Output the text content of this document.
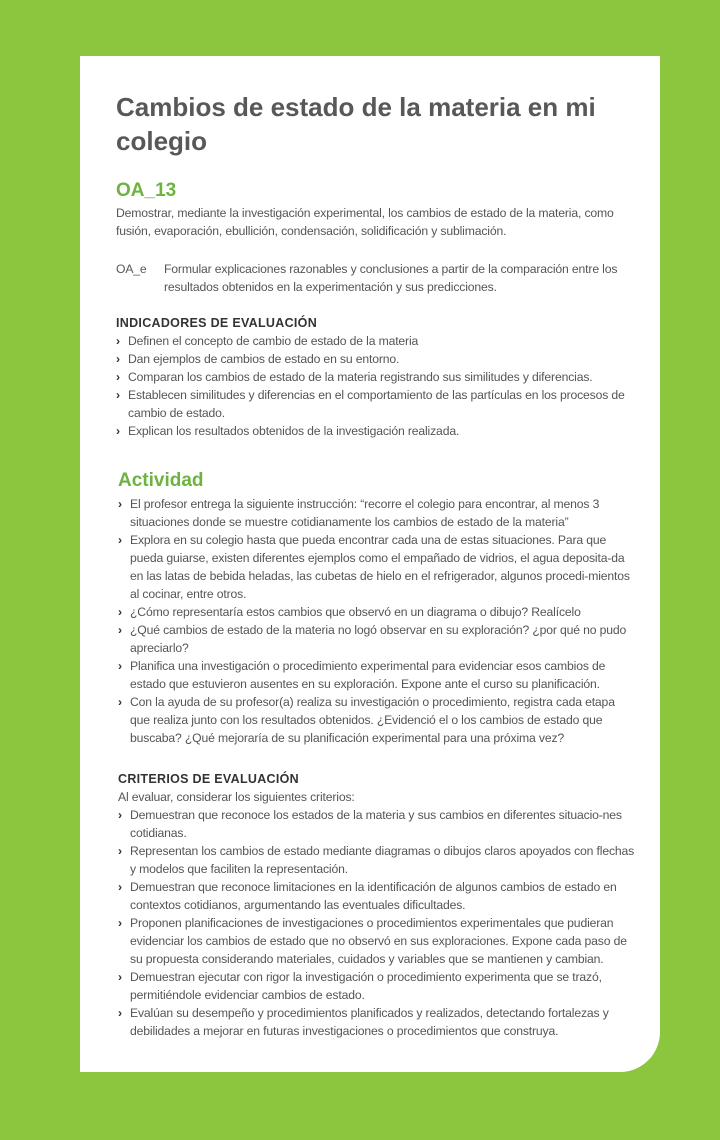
Cambios de estado de la materia en mi colegio
OA_13
Demostrar, mediante la investigación experimental, los cambios de estado de la materia, como fusión, evaporación, ebullición, condensación, solidificación y sublimación.
OA_e	Formular explicaciones razonables y conclusiones a partir de la comparación entre los resultados obtenidos en la experimentación y sus predicciones.
INDICADORES DE EVALUACIÓN
› Definen el concepto de cambio de estado de la materia
› Dan ejemplos de cambios de estado en su entorno.
› Comparan los cambios de estado de la materia registrando sus similitudes y diferencias.
› Establecen similitudes y diferencias en el comportamiento de las partículas en los procesos de cambio de estado.
› Explican los resultados obtenidos de la investigación realizada.
Actividad
› El profesor entrega la siguiente instrucción: “recorre el colegio para encontrar, al menos 3 situaciones donde se muestre cotidianamente los cambios de estado de la materia”
› Explora en su colegio hasta que pueda encontrar cada una de estas situaciones. Para que pueda guiarse, existen diferentes ejemplos como el empañado de vidrios, el agua deposita-da en las latas de bebida heladas, las cubetas de hielo en el refrigerador, algunos procedi-mientos al cocinar, entre otros.
› ¿Cómo representaría estos cambios que observó en un diagrama o dibujo? Realícelo
› ¿Qué cambios de estado de la materia no logó observar en su exploración? ¿por qué no pudo apreciarlo?
› Planifica una investigación o procedimiento experimental para evidenciar esos cambios de estado que estuvieron ausentes en su exploración. Expone ante el curso su planificación.
› Con la ayuda de su profesor(a) realiza su investigación o procedimiento, registra cada etapa que realiza junto con los resultados obtenidos. ¿Evidenció el o los cambios de estado que buscaba? ¿Qué mejoraría de su planificación experimental para una próxima vez?
CRITERIOS DE EVALUACIÓN
Al evaluar, considerar los siguientes criterios:
› Demuestran que reconoce los estados de la materia y sus cambios en diferentes situacio-nes cotidianas.
› Representan los cambios de estado mediante diagramas o dibujos claros apoyados con flechas y modelos que faciliten la representación.
› Demuestran que reconoce limitaciones en la identificación de algunos cambios de estado en contextos cotidianos, argumentando las eventuales dificultades.
› Proponen planificaciones de investigaciones o procedimientos experimentales que pudieran evidenciar los cambios de estado que no observó en sus exploraciones. Expone cada paso de su propuesta considerando materiales, cuidados y variables que se mantienen y cambian.
› Demuestran ejecutar con rigor la investigación o procedimiento experimenta que se trazó, permitiéndole evidenciar cambios de estado.
› Evalúan su desempeño y procedimientos planificados y realizados, detectando fortalezas y debilidades a mejorar en futuras investigaciones o procedimientos que construya.
